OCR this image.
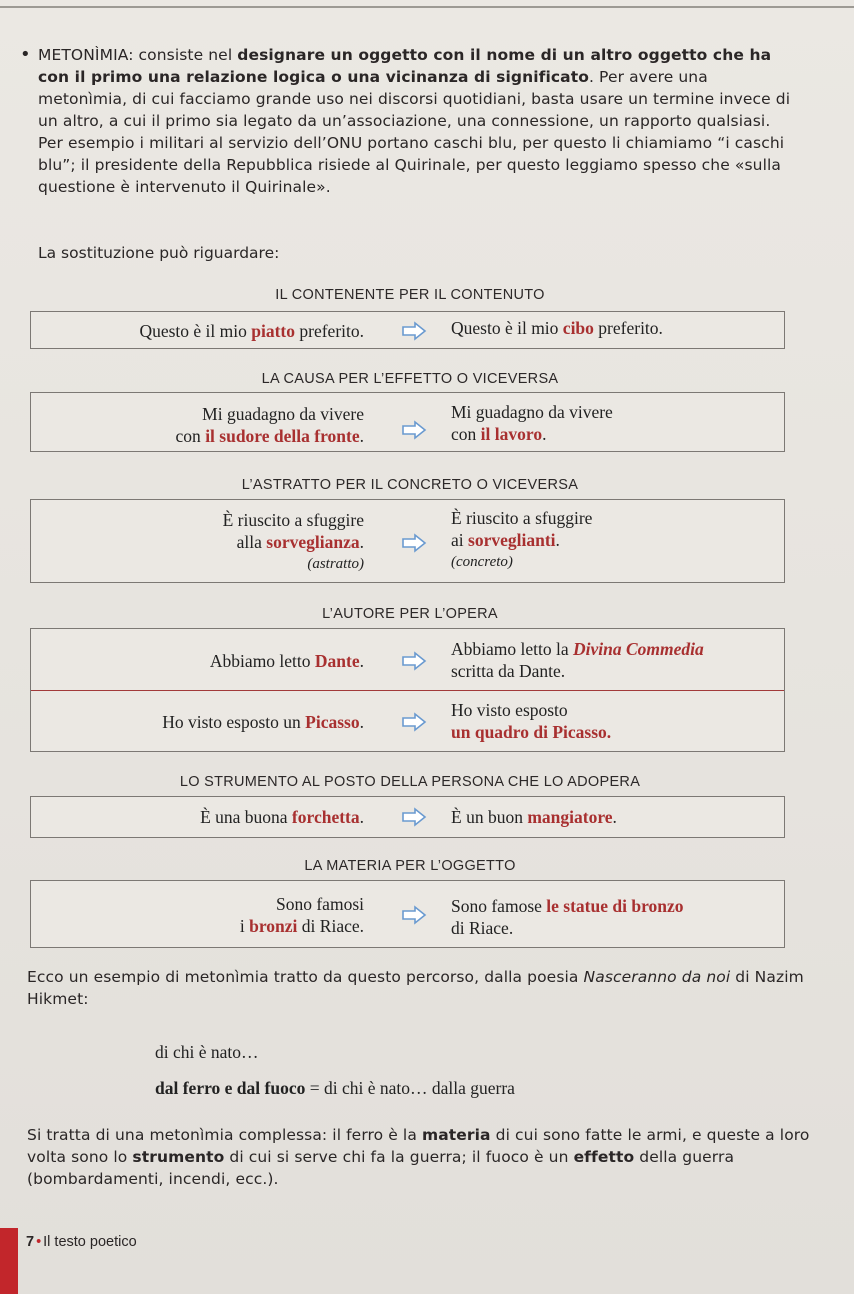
• METONÌMIA: consiste nel designare un oggetto con il nome di un altro oggetto che ha con il primo una relazione logica o una vicinanza di significato. Per avere una metonìmia, di cui facciamo grande uso nei discorsi quotidiani, basta usare un termine invece di un altro, a cui il primo sia legato da un’associazione, una connessione, un rapporto qualsiasi. Per esempio i militari al servizio dell’ONU portano caschi blu, per questo li chiamiamo “i caschi blu”; il presidente della Repubblica risiede al Quirinale, per questo leggiamo spesso che «sulla questione è intervenuto il Quirinale».
La sostituzione può riguardare:
IL CONTENENTE PER IL CONTENUTO
Questo è il mio piatto preferito.	Questo è il mio cibo preferito.
LA CAUSA PER L’EFFETTO O VICEVERSA
Mi guadagno da vivere
con il sudore della fronte.
Mi guadagno da vivere
con il lavoro.
L’ASTRATTO PER IL CONCRETO O VICEVERSA
È riuscito a sfuggire
alla sorveglianza.
(astratto)
È riuscito a sfuggire
ai sorveglianti.
(concreto)
L’AUTORE PER L’OPERA
Abbiamo letto Dante.
Abbiamo letto la Divina Commedia
scritta da Dante.
Ho visto esposto un Picasso.
Ho visto esposto
un quadro di Picasso.
LO STRUMENTO AL POSTO DELLA PERSONA CHE LO ADOPERA
È una buona forchetta.	È un buon mangiatore.
LA MATERIA PER L’OGGETTO
Sono famosi
i bronzi di Riace.
Sono famose le statue di bronzo
di Riace.
Ecco un esempio di metonìmia tratto da questo percorso, dalla poesia Nasceranno da noi di Nazim Hikmet:
di chi è nato…
dal ferro e dal fuoco = di chi è nato… dalla guerra
Si tratta di una metonìmia complessa: il ferro è la materia di cui sono fatte le armi, e queste a loro volta sono lo strumento di cui si serve chi fa la guerra; il fuoco è un effetto della guerra (bombardamenti, incendi, ecc.).
7 • Il testo poetico
